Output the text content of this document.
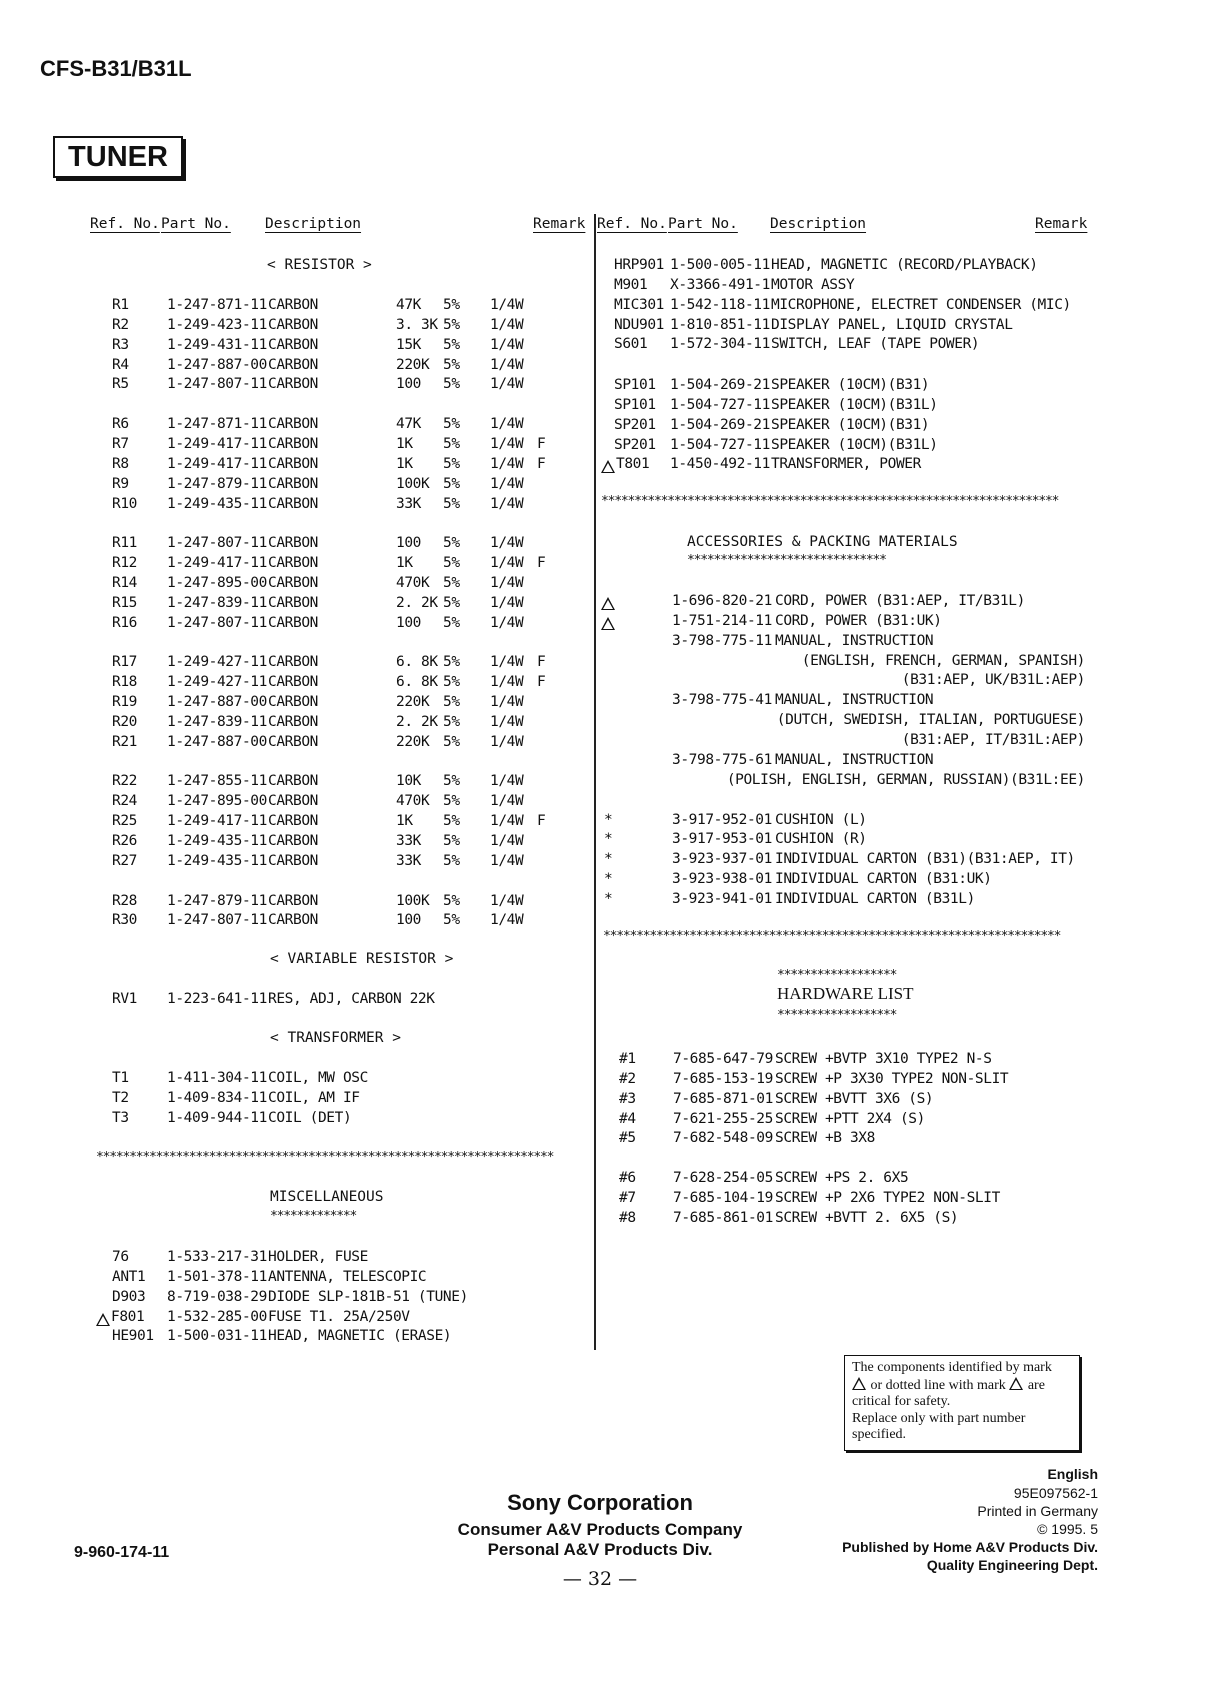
CFS-B31/B31L
TUNER
Ref. No. Part No. Description	Remark Ref. No. Part No. Description	Remark
< RESISTOR >
R1	1-247-871-11 CARBON	47K 5% 1/4W
R2	1-249-423-11 CARBON	3. 3K 5% 1/4W
R3	1-249-431-11 CARBON	15K 5% 1/4W
R4	1-247-887-00 CARBON	220K 5% 1/4W
R5	1-247-807-11 CARBON	100 5% 1/4W
R6	1-247-871-11 CARBON	47K 5% 1/4W
R7	1-249-417-11 CARBON	1K 5% 1/4W F
R8	1-249-417-11 CARBON	1K 5% 1/4W F
R9	1-247-879-11 CARBON	100K 5% 1/4W
R10 1-249-435-11 CARBON	33K 5% 1/4W
R11 1-247-807-11 CARBON	100 5% 1/4W
R12 1-249-417-11 CARBON	1K 5% 1/4W F
R14 1-247-895-00 CARBON	470K 5% 1/4W
R15 1-247-839-11 CARBON	2. 2K 5% 1/4W
R16 1-247-807-11 CARBON	100 5% 1/4W
R17 1-249-427-11 CARBON	6. 8K 5% 1/4W F
R18 1-249-427-11 CARBON	6. 8K 5% 1/4W F
R19 1-247-887-00 CARBON	220K 5% 1/4W
R20 1-247-839-11 CARBON	2. 2K 5% 1/4W
R21 1-247-887-00 CARBON	220K 5% 1/4W
R22 1-247-855-11 CARBON	10K 5% 1/4W
R24 1-247-895-00 CARBON	470K 5% 1/4W
R25 1-249-417-11 CARBON	1K 5% 1/4W F
R26 1-249-435-11 CARBON	33K 5% 1/4W
R27 1-249-435-11 CARBON	33K 5% 1/4W
R28 1-247-879-11 CARBON	100K 5% 1/4W
R30 1-247-807-11 CARBON	100 5% 1/4W
< VARIABLE RESISTOR >
RV1 1-223-641-11 RES, ADJ, CARBON 22K
< TRANSFORMER >
T1	1-411-304-11 COIL, MW OSC
T2	1-409-834-11 COIL, AM IF
T3	1-409-944-11 COIL (DET)
*********************************************************************
MISCELLANEOUS
*************
76	1-533-217-31 HOLDER, FUSE
ANT1 1-501-378-11 ANTENNA, TELESCOPIC
D903 8-719-038-29 DIODE SLP-181B-51 (TUNE)
F801 1-532-285-00 FUSE T1. 25A/250V
HE901 1-500-031-11 HEAD, MAGNETIC (ERASE)
HRP901 1-500-005-11 HEAD, MAGNETIC (RECORD/PLAYBACK)
M901 X-3366-491-1 MOTOR ASSY
MIC301 1-542-118-11 MICROPHONE, ELECTRET CONDENSER (MIC)
NDU901 1-810-851-11 DISPLAY PANEL, LIQUID CRYSTAL
S601 1-572-304-11 SWITCH, LEAF (TAPE POWER)
SP101 1-504-269-21 SPEAKER (10CM)(B31)
SP101 1-504-727-11 SPEAKER (10CM)(B31L)
SP201 1-504-269-21 SPEAKER (10CM)(B31)
SP201 1-504-727-11 SPEAKER (10CM)(B31L)
T801 1-450-492-11 TRANSFORMER, POWER
*********************************************************************
ACCESSORIES & PACKING MATERIALS
******************************
1-696-820-21 CORD, POWER (B31:AEP, IT/B31L)
1-751-214-11 CORD, POWER (B31:UK)
3-798-775-11 MANUAL, INSTRUCTION
(ENGLISH, FRENCH, GERMAN, SPANISH)
(B31:AEP, UK/B31L:AEP)
3-798-775-41 MANUAL, INSTRUCTION
(DUTCH, SWEDISH, ITALIAN, PORTUGUESE)
(B31:AEP, IT/B31L:AEP)
3-798-775-61 MANUAL, INSTRUCTION
(POLISH, ENGLISH, GERMAN, RUSSIAN)(B31L:EE)
*	3-917-952-01 CUSHION (L)
*	3-917-953-01 CUSHION (R)
*	3-923-937-01 INDIVIDUAL CARTON (B31)(B31:AEP, IT)
*	3-923-938-01 INDIVIDUAL CARTON (B31:UK)
*	3-923-941-01 INDIVIDUAL CARTON (B31L)
*********************************************************************
******************
HARDWARE LIST
******************
#1	7-685-647-79 SCREW +BVTP 3X10 TYPE2 N-S
#2	7-685-153-19 SCREW +P 3X30 TYPE2 NON-SLIT
#3	7-685-871-01 SCREW +BVTT 3X6 (S)
#4	7-621-255-25 SCREW +PTT 2X4 (S)
#5	7-682-548-09 SCREW +B 3X8
#6	7-628-254-05 SCREW +PS 2. 6X5
#7	7-685-104-19 SCREW +P 2X6 TYPE2 NON-SLIT
#8	7-685-861-01 SCREW +BVTT 2. 6X5 (S)
The components identified by mark
or dotted line with mark are
critical for safety.
Replace only with part number
specified.
9-960-174-11
Sony Corporation
Consumer A&V Products Company
Personal A&V Products Div.
— 32 —
English
95E097562-1
Printed in Germany
© 1995. 5
Published by Home A&V Products Div.
Quality Engineering Dept.
